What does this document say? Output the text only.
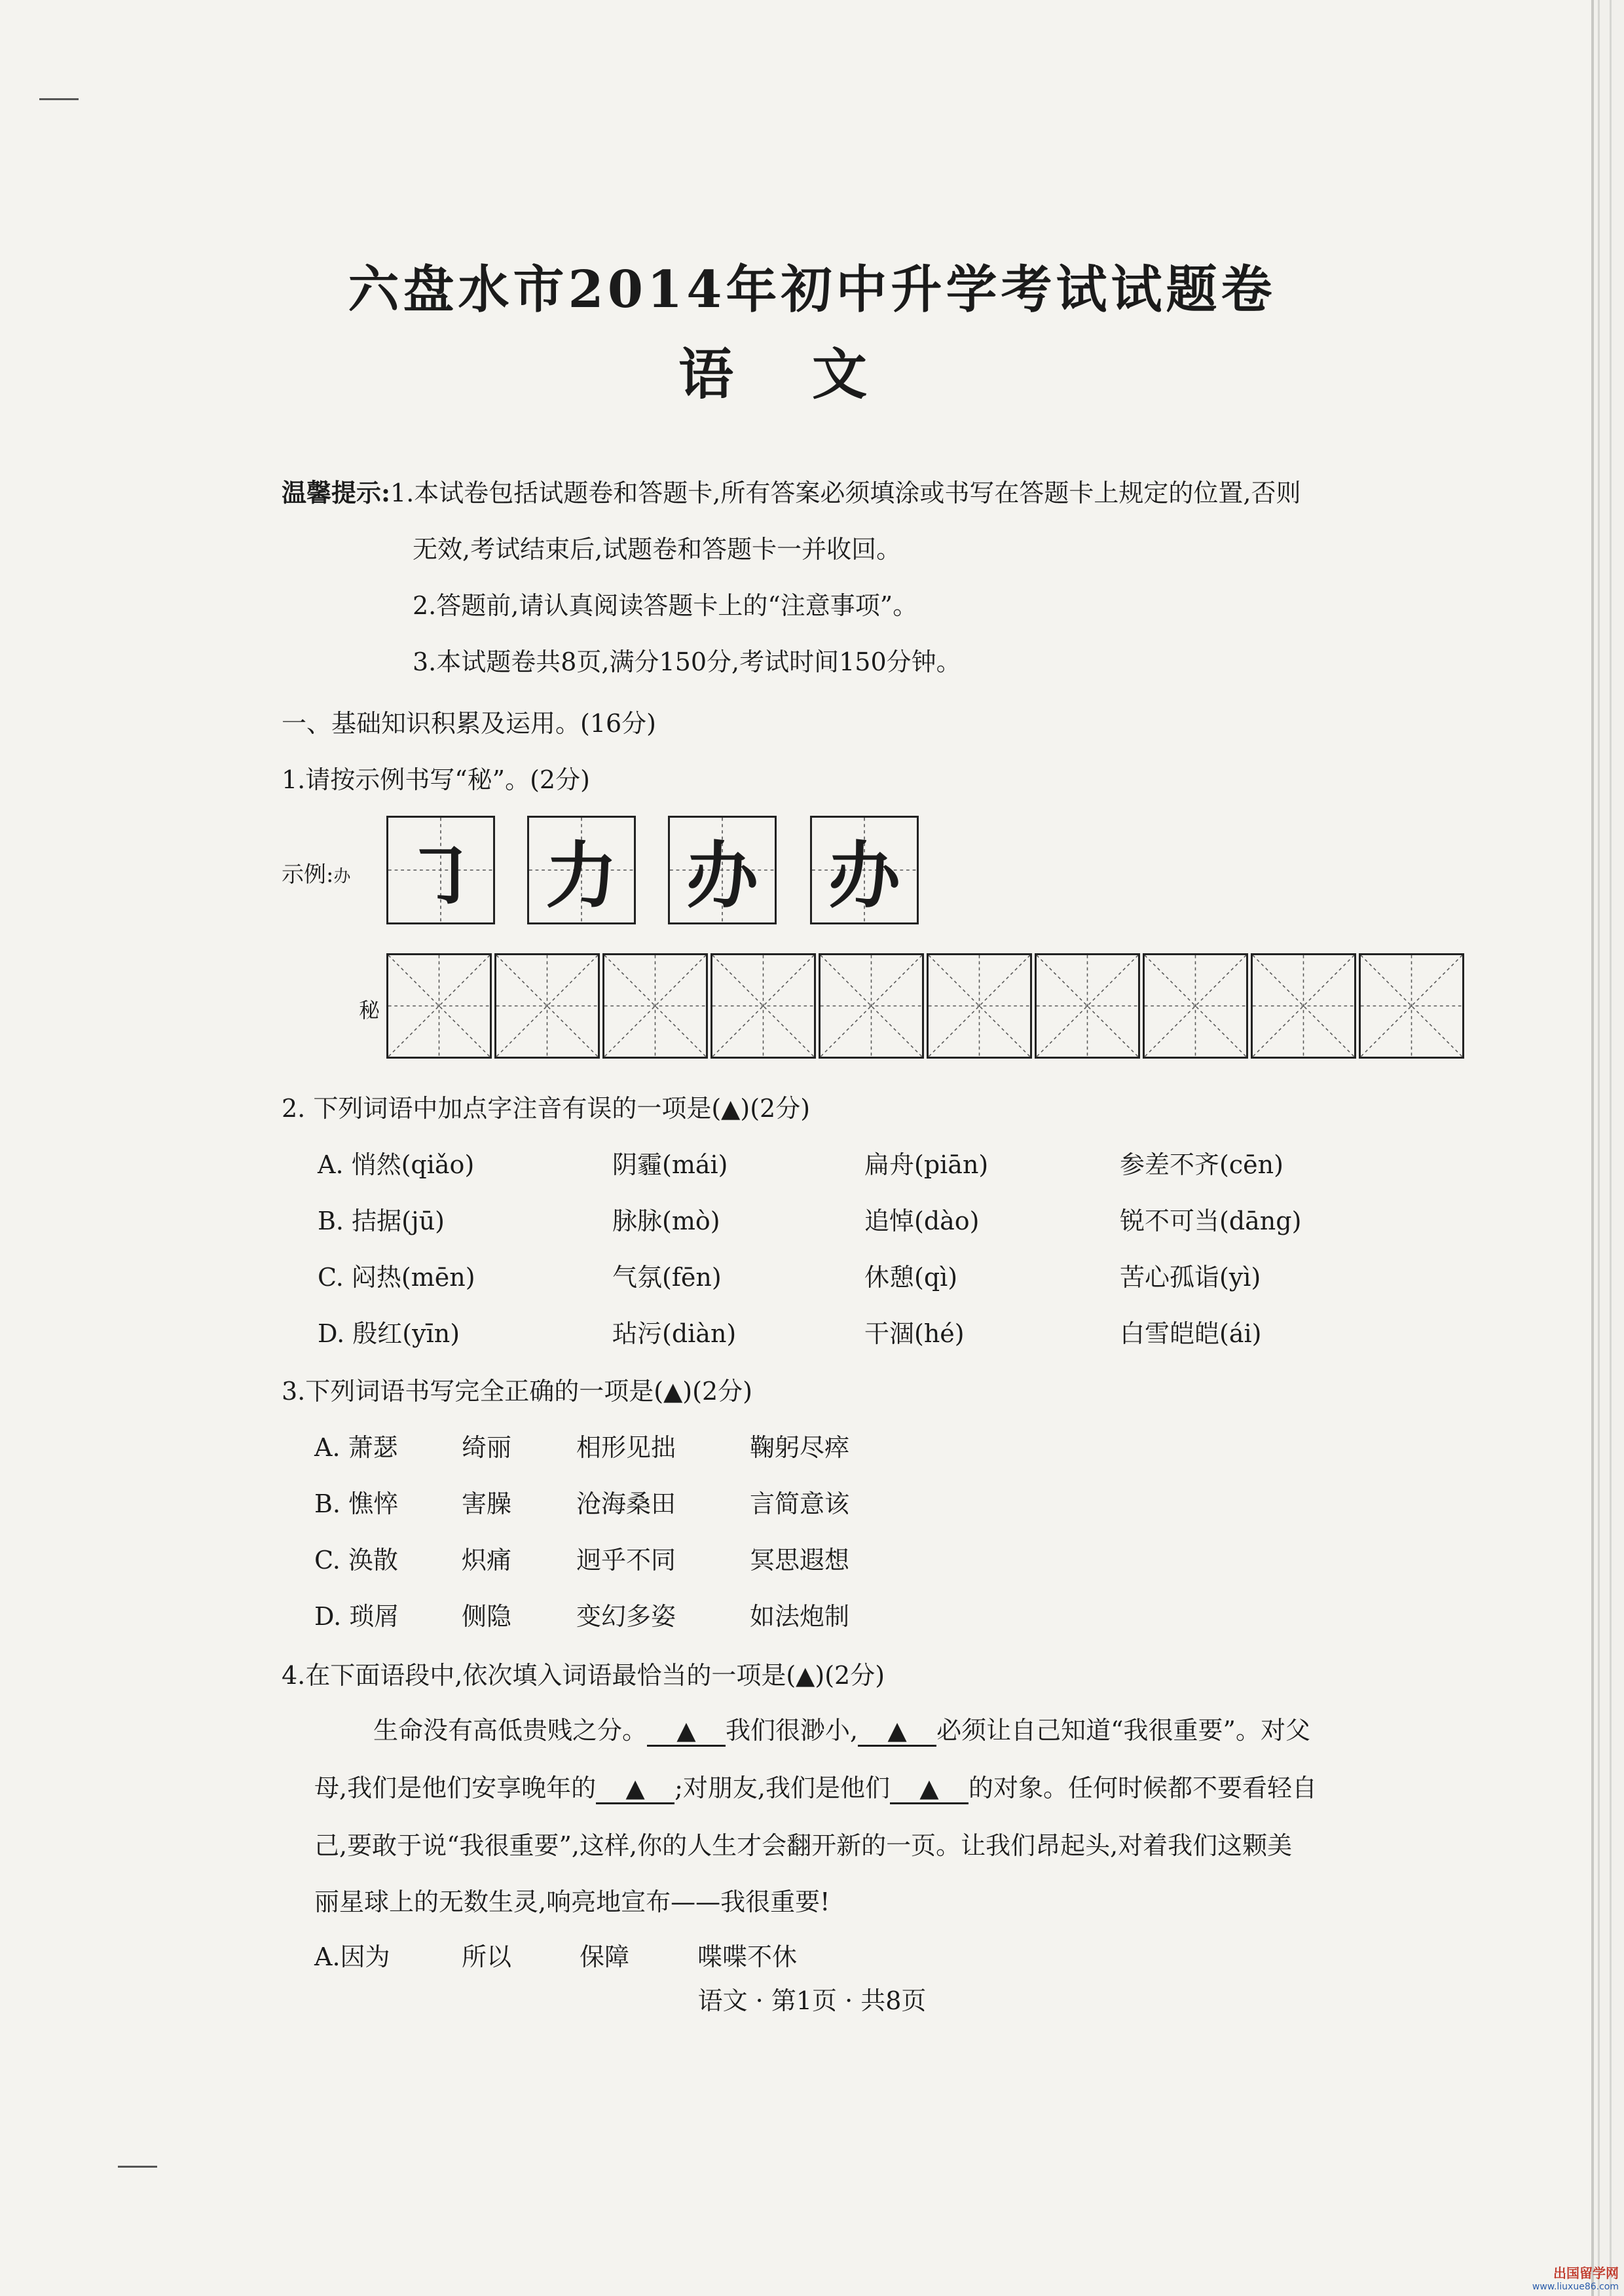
六盘水市2014年初中升学考试试题卷
语文
温馨提示:1.本试卷包括试题卷和答题卡,所有答案必须填涂或书写在答题卡上规定的位置,否则
无效,考试结束后,试题卷和答题卡一并收回。
2.答题前,请认真阅读答题卡上的“注意事项”。
3.本试题卷共8页,满分150分,考试时间150分钟。
一、基础知识积累及运用。(16分)
1.请按示例书写“秘”。(2分)
示例:办 ㇆ 力 办 办
秘
2. 下列词语中加点字注音有误的一项是(▲)(2分)
A. 悄然(qiǎo)	阴霾(mái)	扁舟(piān)	参差不齐(cēn)
B. 拮据(jū)	脉脉(mò)	追悼(dào)	锐不可当(dāng)
C. 闷热(mēn)	气氛(fēn)	休憩(qì)	苦心孤诣(yì)
D. 殷红(yīn)	玷污(diàn)	干涸(hé)	白雪皑皑(ái)
3.下列词语书写完全正确的一项是(▲)(2分)
A. 萧瑟	绮丽	相形见拙	鞠躬尽瘁
B. 憔悴	害臊	沧海桑田	言简意该
C. 涣散	炽痛	迥乎不同	冥思遐想
D. 琐屑	侧隐	变幻多姿	如法炮制
4.在下面语段中,依次填入词语最恰当的一项是(▲)(2分)
生命没有高低贵贱之分。 ▲ 我们很渺小, ▲ 必须让自己知道“我很重要”。对父
母,我们是他们安享晚年的 ▲ ;对朋友,我们是他们 ▲ 的对象。任何时候都不要看轻自
己,要敢于说“我很重要”,这样,你的人生才会翻开新的一页。让我们昂起头,对着我们这颗美
丽星球上的无数生灵,响亮地宣布——我很重要!
A.因为	所以	保障	喋喋不休
语文 · 第1页 · 共8页
出国留学网
www.liuxue86.com
